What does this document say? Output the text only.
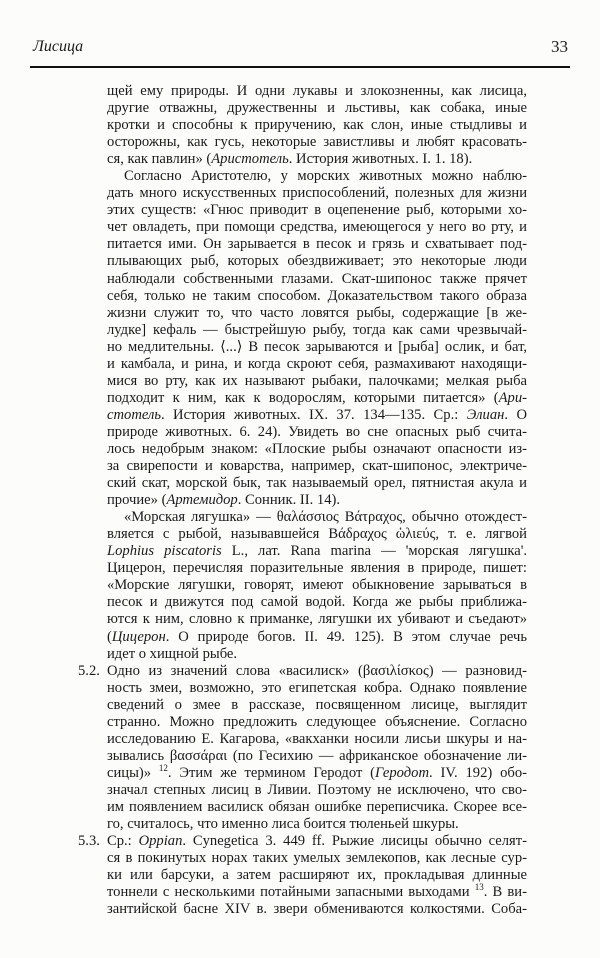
Лисица	33
щей ему природы. И одни лукавы и злокозненны, как лисица,
другие отважны, дружественны и льстивы, как собака, иные
кротки и способны к приручению, как слон, иные стыдливы и
осторожны, как гусь, некоторые завистливы и любят красовать-
ся, как павлин» (Аристотель. История животных. I. 1. 18).
Согласно Аристотелю, у морских животных можно наблю-
дать много искусственных приспособлений, полезных для жизни
этих существ: «Гнюс приводит в оцепенение рыб, которыми хо-
чет овладеть, при помощи средства, имеющегося у него во рту, и
питается ими. Он зарывается в песок и грязь и схватывает под-
плывающих рыб, которых обездвиживает; это некоторые люди
наблюдали собственными глазами. Скат-шипонос также прячет
себя, только не таким способом. Доказательством такого образа
жизни служит то, что часто ловятся рыбы, содержащие [в же-
лудке] кефаль — быстрейшую рыбу, тогда как сами чрезвычай-
но медлительны. ⟨...⟩ В песок зарываются и [рыба] ослик, и бат,
и камбала, и рина, и когда скроют себя, размахивают находящи-
мися во рту, как их называют рыбаки, палочками; мелкая рыба
подходит к ним, как к водорослям, которыми питается» (Ари-
стотель. История животных. IX. 37. 134—135. Ср.: Элиан. О
природе животных. 6. 24). Увидеть во сне опасных рыб счита-
лось недобрым знаком: «Плоские рыбы означают опасности из-
за свирепости и коварства, например, скат-шипонос, электриче-
ский скат, морской бык, так называемый орел, пятнистая акула и
прочие» (Артемидор. Сонник. II. 14).
«Морская лягушка» — θαλάσσιος Βάτραχος, обычно отождест-
вляется с рыбой, называвшейся Βάδραχος ὡλιεύς, т. е. лягвой
Lophius piscatoris L., лат. Rana marina — 'морская лягушка'.
Цицерон, перечисляя поразительные явления в природе, пишет:
«Морские лягушки, говорят, имеют обыкновение зарываться в
песок и движутся под самой водой. Когда же рыбы приближа-
ются к ним, словно к приманке, лягушки их убивают и съедают»
(Цицерон. О природе богов. II. 49. 125). В этом случае речь
идет о хищной рыбе.
5.2. Одно из значений слова «василиск» (βασιλίσκος) — разновид-
ность змеи, возможно, это египетская кобра. Однако появление
сведений о змее в рассказе, посвященном лисице, выглядит
странно. Можно предложить следующее объяснение. Согласно
исследованию Е. Кагарова, «вакханки носили лисьи шкуры и на-
зывались βασσάραι (по Гесихию — африканское обозначение ли-
сицы)» $^{12}$. Этим же термином Геродот (Геродот. IV. 192) обо-
значал степных лисиц в Ливии. Поэтому не исключено, что сво-
им появлением василиск обязан ошибке переписчика. Скорее все-
го, считалось, что именно лиса боится тюленьей шкуры.
5.3. Ср.: Oppian. Cynegetica 3. 449 ff. Рыжие лисицы обычно селят-
ся в покинутых норах таких умелых землекопов, как лесные сур-
ки или барсуки, а затем расширяют их, прокладывая длинные
тоннели с несколькими потайными запасными выходами $^{13}$. В ви-
зантийской басне XIV в. звери обмениваются колкостями. Соба-
